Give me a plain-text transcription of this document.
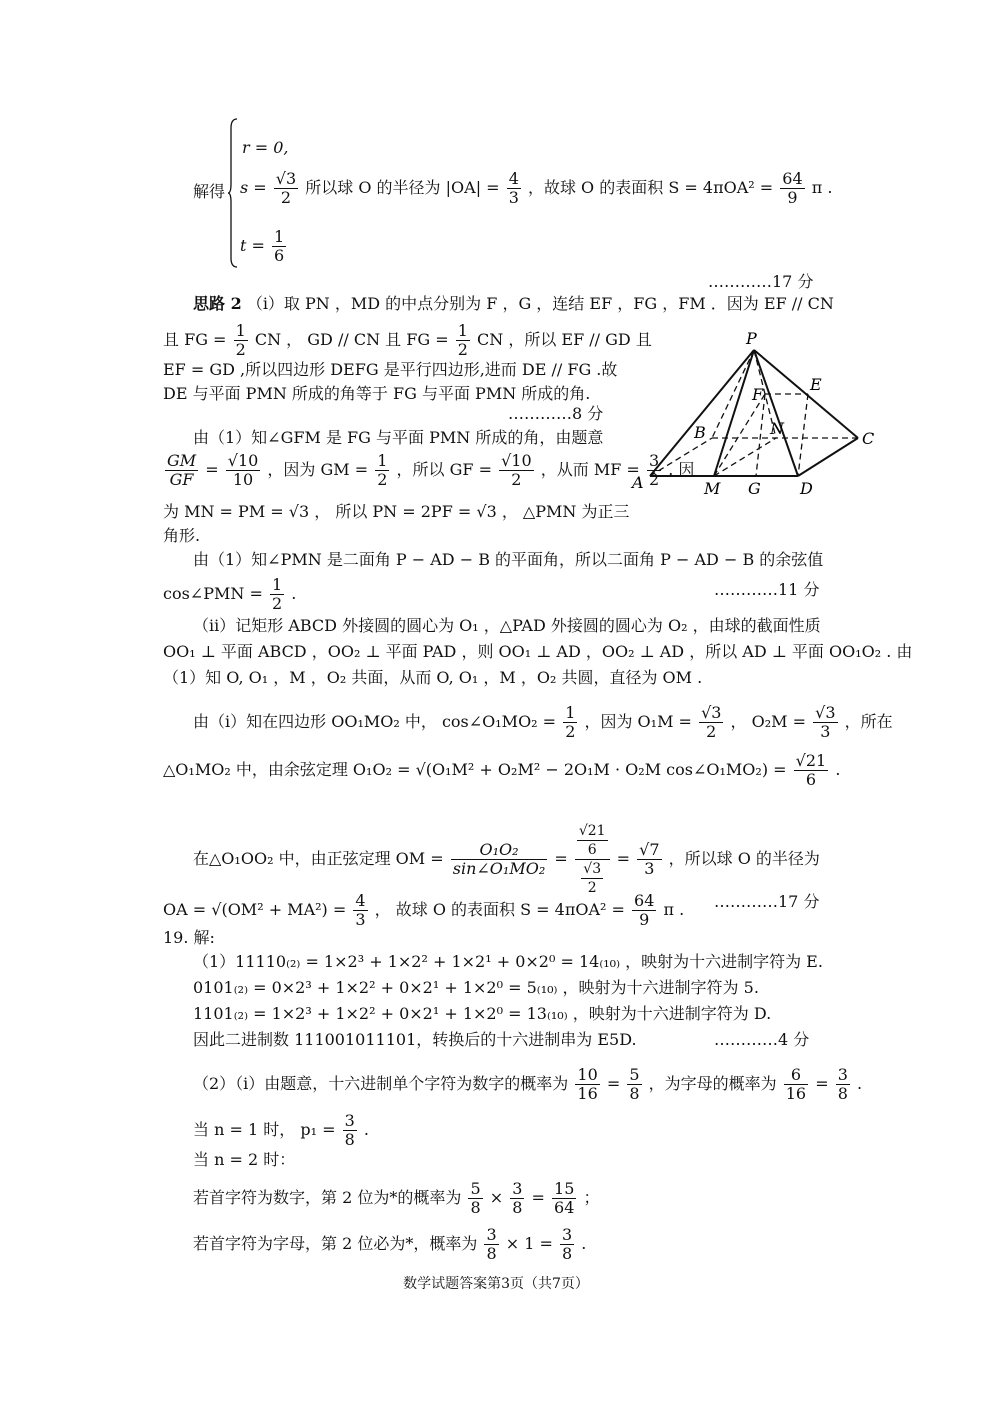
解得
r = 0,
$s = \frac{√3}{2}$ 所以球 O 的半径为 $|OA| = \frac{4}{3}$ ，故球 O 的表面积 $S = 4\pi OA^2 = \frac{64}{9}$ π .
$t = \frac{1}{6}$
…………17 分
思路 2 （i）取 PN ，MD 的中点分别为 F ，G ，连结 EF ，FG ，FM ．因为 EF // CN
且 FG = $\frac{1}{2}$ CN ， GD // CN 且 FG = $\frac{1}{2}$ CN ，所以 EF // GD 且
EF = GD ,所以四边形 DEFG 是平行四边形,进而 DE // FG .故
DE 与平面 PMN 所成的角等于 FG 与平面 PMN 所成的角.
…………8 分
由（1）知∠GFM 是 FG 与平面 PMN 所成的角，由题意
$\frac{GM}{GF} = \frac{√10}{10}$ ，因为 GM = $\frac{1}{2}$ ，所以 GF = $\frac{√10}{2}$ ，从而 MF = $\frac{3}{2}$ . 因
为 MN = PM = √3 ， 所以 PN = 2PF = √3 ， △PMN 为正三
角形.
由（1）知∠PMN 是二面角 P − AD − B 的平面角，所以二面角 P − AD − B 的余弦值
cos∠PMN = $\frac{1}{2}$ .	…………11 分
（ii）记矩形 ABCD 外接圆的圆心为 O₁ ，△PAD 外接圆的圆心为 O₂ ，由球的截面性质
OO₁ ⊥ 平面 ABCD ，OO₂ ⊥ 平面 PAD ，则 OO₁ ⊥ AD ，OO₂ ⊥ AD ，所以 AD ⊥ 平面 OO₁O₂ . 由
（1）知 O, O₁ ，M ，O₂ 共面，从而 O, O₁ ，M ，O₂ 共圆，直径为 OM .
由（i）知在四边形 OO₁MO₂ 中， cos∠O₁MO₂ = $\frac{1}{2}$ ，因为 $O_1M = \frac{√3}{2}$ ， $O_2M = \frac{√3}{3}$ ，所在
△O₁MO₂ 中，由余弦定理 O₁O₂ = √(O₁M² + O₂M² − 2O₁M · O₂M cos∠O₁MO₂) = $\frac{√21}{6}$ .
在△O₁OO₂ 中，由正弦定理 OM = $\frac{\text{O₁O₂}}{\text{sin∠O₁MO₂}} = \frac{\frac{√21}{6}}{\frac{√3}{2}} = \frac{√7}{3}$ ，所以球 O 的半径为
OA = $√(OM^2 + MA^2) = \frac{4}{3}$ ， 故球 O 的表面积 $S = 4\pi OA^2 = \frac{64}{9}$ π . …………17 分
P
E
F
B	N
C
A	M G D
19. 解:
（1）11110₍₂₎ = 1×2³ + 1×2² + 1×2¹ + 0×2⁰ = 14₍₁₀₎ ，映射为十六进制字符为 E.
0101₍₂₎ = 0×2³ + 1×2² + 0×2¹ + 1×2⁰ = 5₍₁₀₎ ，映射为十六进制字符为 5.
1101₍₂₎ = 1×2³ + 1×2² + 0×2¹ + 1×2⁰ = 13₍₁₀₎ ，映射为十六进制字符为 D.
因此二进制数 111001011101，转换后的十六进制串为 E5D.	…………4 分
（2）（i）由题意，十六进制单个字符为数字的概率为 $\frac{10}{16} = \frac{5}{8}$ ，为字母的概率为 $\frac{6}{16} = \frac{3}{8}$ .
当 n = 1 时， $p_1 = \frac{3}{8}$ .
当 n = 2 时：
若首字符为数字，第 2 位为*的概率为 $\frac{5}{8} \times \frac{3}{8} = \frac{15}{64}$ ；
若首字符为字母，第 2 位必为*，概率为 $\frac{3}{8} \times 1 = \frac{3}{8}$ .
数学试题答案第3页（共7页）
